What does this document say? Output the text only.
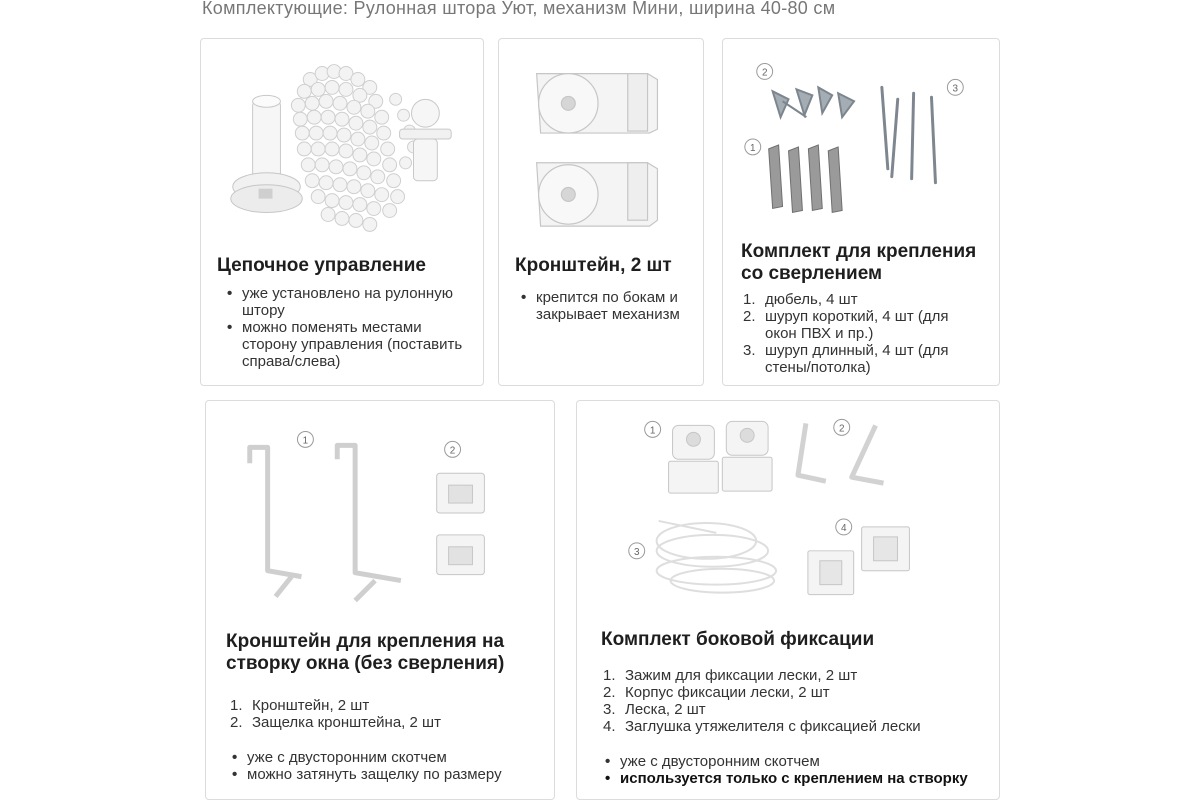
Комплектующие: Рулонная штора Уют, механизм Мини, ширина 40-80 см
Цепочное управление
• уже установлено на рулонную штору
• можно поменять местами сторону управления (поставить справа/слева)
Кронштейн, 2 шт
• крепится по бокам и закрывает механизм
2
1
3
Комплект для крепления со сверлением
1. дюбель, 4 шт
2. шуруп короткий, 4 шт (для окон ПВХ и пр.)
3. шуруп длинный, 4 шт (для стены/потолка)
1
2
Кронштейн для крепления на створку окна (без сверления)
1. Кронштейн, 2 шт
2. Защелка кронштейна, 2 шт
• уже с двусторонним скотчем
• можно затянуть защелку по размеру
1	2
3
4
Комплект боковой фиксации
1. Зажим для фиксации лески, 2 шт
2. Корпус фиксации лески, 2 шт
3. Леска, 2 шт
4. Заглушка утяжелителя с фиксацией лески
• уже с двусторонним скотчем
• используется только с креплением на створку
